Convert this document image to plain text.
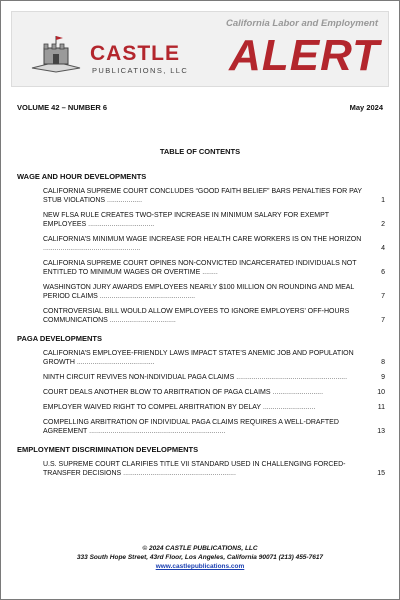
CASTLE
PUBLICATIONS, LLC
California Labor and Employment
ALERT
VOLUME 42 – NUMBER 6	May 2024
TABLE OF CONTENTS
WAGE AND HOUR DEVELOPMENTS
CALIFORNIA SUPREME COURT CONCLUDES “GOOD FAITH BELIEF” BARS PENALTIES FOR PAY STUB VIOLATIONS ..................	1
NEW FLSA RULE CREATES TWO-STEP INCREASE IN MINIMUM SALARY FOR EXEMPT EMPLOYEES ..................................	2
CALIFORNIA’S MINIMUM WAGE INCREASE FOR HEALTH CARE WORKERS IS ON THE HORIZON ..................................................	4
CALIFORNIA SUPREME COURT OPINES NON-CONVICTED INCARCERATED INDIVIDUALS NOT ENTITLED TO MINIMUM WAGES OR OVERTIME ........	6
WASHINGTON JURY AWARDS EMPLOYEES NEARLY $100 MILLION ON ROUNDING AND MEAL PERIOD CLAIMS .................................................	7
CONTROVERSIAL BILL WOULD ALLOW EMPLOYEES TO IGNORE EMPLOYERS’ OFF-HOURS COMMUNICATIONS ..................................	7
PAGA DEVELOPMENTS
CALIFORNIA’S EMPLOYEE-FRIENDLY LAWS IMPACT STATE’S ANEMIC JOB AND POPULATION GROWTH ........................................	8
NINTH CIRCUIT REVIVES NON-INDIVIDUAL PAGA CLAIMS .........................................................	9
COURT DEALS ANOTHER BLOW TO ARBITRATION OF PAGA CLAIMS ..........................	10
EMPLOYER WAIVED RIGHT TO COMPEL ARBITRATION BY DELAY ...........................	11
COMPELLING ARBITRATION OF INDIVIDUAL PAGA CLAIMS REQUIRES A WELL-DRAFTED AGREEMENT ......................................................................	13
EMPLOYMENT DISCRIMINATION DEVELOPMENTS
U.S. SUPREME COURT CLARIFIES TITLE VII STANDARD USED IN CHALLENGING FORCED-TRANSFER DECISIONS ..........................................................	15
© 2024 CASTLE PUBLICATIONS, LLC
333 South Hope Street, 43rd Floor, Los Angeles, California 90071 (213) 455-7617
www.castlepublications.com
